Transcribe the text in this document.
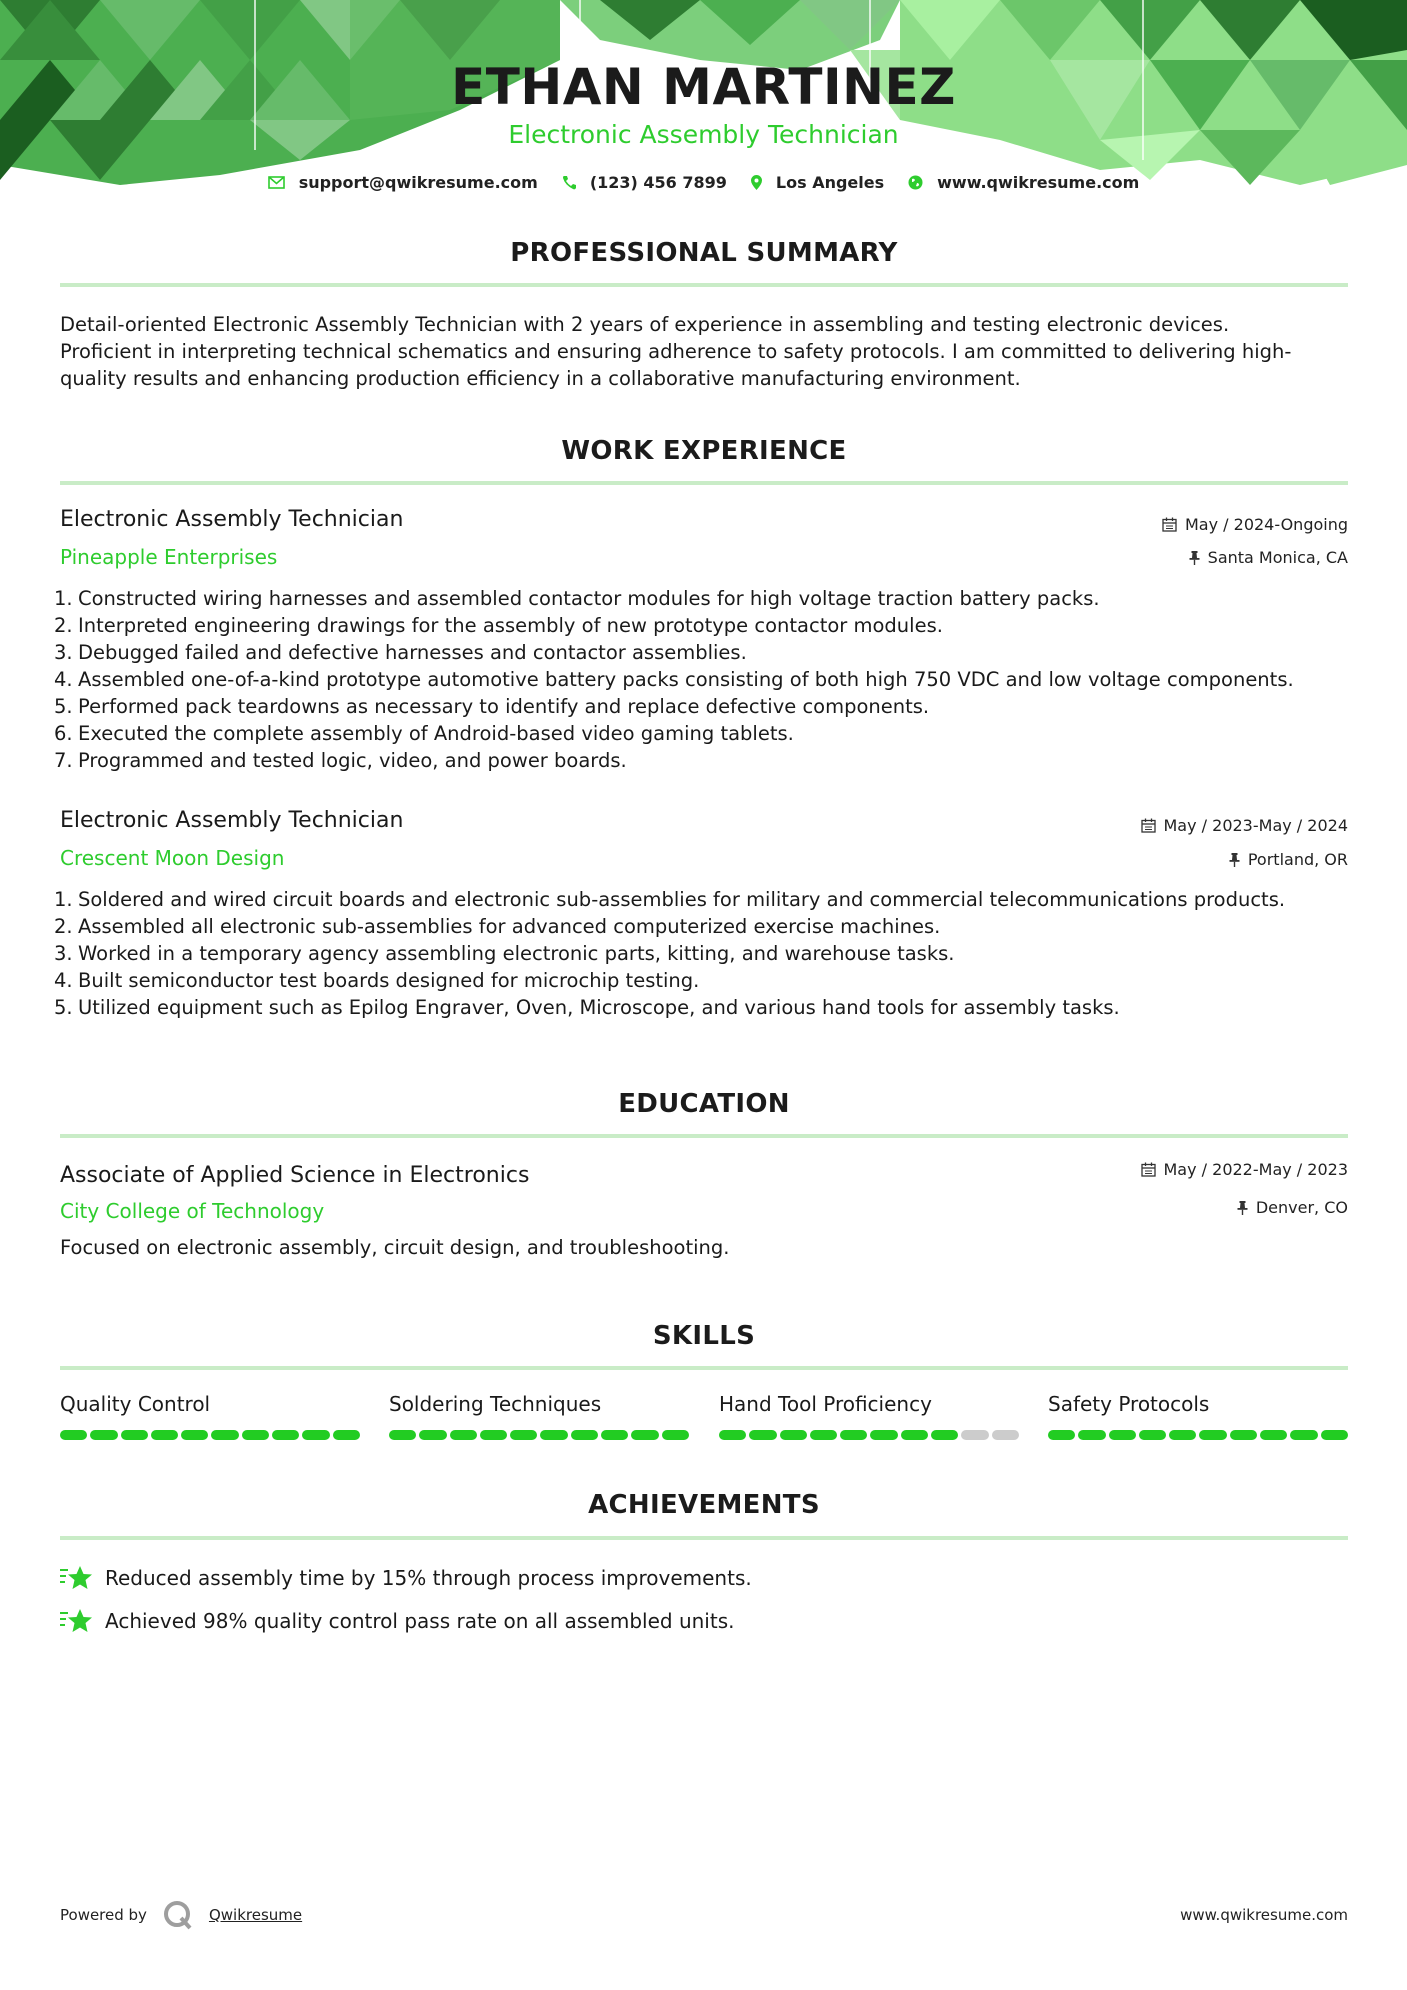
ETHAN MARTINEZ

Electronic Assembly Technician

support@qwikresume.com	(123) 456 7899	Los Angeles	www.qwikresume.com
PROFESSIONAL SUMMARY
Detail-oriented Electronic Assembly Technician with 2 years of experience in assembling and testing electronic devices.
Proficient in interpreting technical schematics and ensuring adherence to safety protocols. I am committed to delivering high-
quality results and enhancing production efficiency in a collaborative manufacturing environment.
WORK EXPERIENCE

Electronic Assembly Technician

Pineapple Enterprises

May / 2024-Ongoing
Santa Monica, CA
1. Constructed wiring harnesses and assembled contactor modules for high voltage traction battery packs.
2. Interpreted engineering drawings for the assembly of new prototype contactor modules.
3. Debugged failed and defective harnesses and contactor assemblies.
4. Assembled one-of-a-kind prototype automotive battery packs consisting of both high 750 VDC and low voltage components.
5. Performed pack teardowns as necessary to identify and replace defective components.
6. Executed the complete assembly of Android-based video gaming tablets.
7. Programmed and tested logic, video, and power boards.

Electronic Assembly Technician

Crescent Moon Design

May / 2023-May / 2024
Portland, OR
1. Soldered and wired circuit boards and electronic sub-assemblies for military and commercial telecommunications products.
2. Assembled all electronic sub-assemblies for advanced computerized exercise machines.
3. Worked in a temporary agency assembling electronic parts, kitting, and warehouse tasks.
4. Built semiconductor test boards designed for microchip testing.
5. Utilized equipment such as Epilog Engraver, Oven, Microscope, and various hand tools for assembly tasks.
EDUCATION

Associate of Applied Science in Electronics

City College of Technology

May / 2022-May / 2023
Denver, CO

Focused on electronic assembly, circuit design, and troubleshooting.

SKILLS

Quality Control	Soldering Techniques	Hand Tool Proficiency	Safety Protocols

ACHIEVEMENTS
Reduced assembly time by 15% through process improvements.
Achieved 98% quality control pass rate on all assembled units.
Powered by	Qwikresume	www.qwikresume.com
